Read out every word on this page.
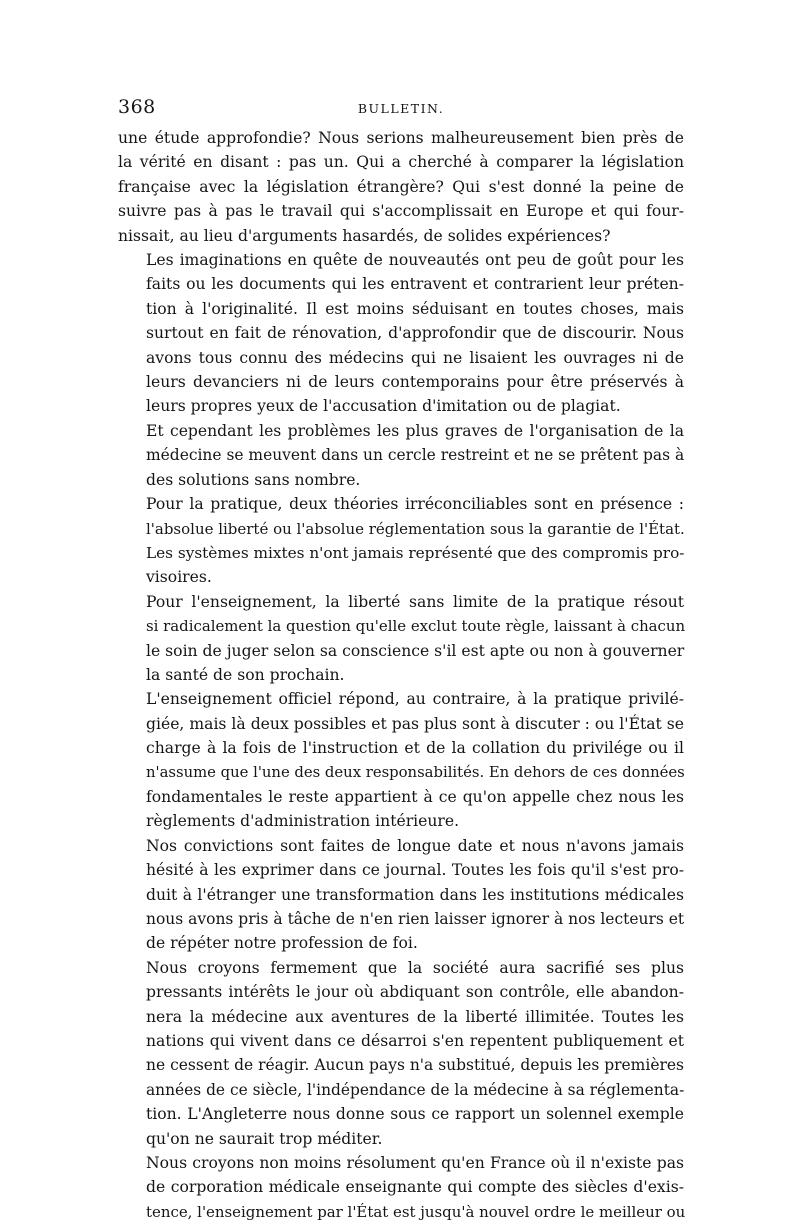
368	BULLETIN.

une étude approfondie? Nous serions malheureusement bien près de
la vérité en disant : pas un. Qui a cherché à comparer la législation
française avec la législation étrangère? Qui s'est donné la peine de
suivre pas à pas le travail qui s'accomplissait en Europe et qui four-
nissait, au lieu d'arguments hasardés, de solides expériences?

Les imaginations en quête de nouveautés ont peu de goût pour les
faits ou les documents qui les entravent et contrarient leur préten-
tion à l'originalité. Il est moins séduisant en toutes choses, mais
surtout en fait de rénovation, d'approfondir que de discourir. Nous
avons tous connu des médecins qui ne lisaient les ouvrages ni de
leurs devanciers ni de leurs contemporains pour être préservés à
leurs propres yeux de l'accusation d'imitation ou de plagiat.

Et cependant les problèmes les plus graves de l'organisation de la
médecine se meuvent dans un cercle restreint et ne se prêtent pas à
des solutions sans nombre.

Pour la pratique, deux théories irréconciliables sont en présence :
l'absolue liberté ou l'absolue réglementation sous la garantie de l'État.
Les systèmes mixtes n'ont jamais représenté que des compromis pro-
visoires.

Pour l'enseignement, la liberté sans limite de la pratique résout
si radicalement la question qu'elle exclut toute règle, laissant à chacun
le soin de juger selon sa conscience s'il est apte ou non à gouverner
la santé de son prochain.

L'enseignement officiel répond, au contraire, à la pratique privilé-
giée, mais là deux possibles et pas plus sont à discuter : ou l'État se
charge à la fois de l'instruction et de la collation du privilége ou il
n'assume que l'une des deux responsabilités. En dehors de ces données
fondamentales le reste appartient à ce qu'on appelle chez nous les
règlements d'administration intérieure.

Nos convictions sont faites de longue date et nous n'avons jamais
hésité à les exprimer dans ce journal. Toutes les fois qu'il s'est pro-
duit à l'étranger une transformation dans les institutions médicales
nous avons pris à tâche de n'en rien laisser ignorer à nos lecteurs et
de répéter notre profession de foi.

Nous croyons fermement que la société aura sacrifié ses plus
pressants intérêts le jour où abdiquant son contrôle, elle abandon-
nera la médecine aux aventures de la liberté illimitée. Toutes les
nations qui vivent dans ce désarroi s'en repentent publiquement et
ne cessent de réagir. Aucun pays n'a substitué, depuis les premières
années de ce siècle, l'indépendance de la médecine à sa réglementa-
tion. L'Angleterre nous donne sous ce rapport un solennel exemple
qu'on ne saurait trop méditer.

Nous croyons non moins résolument qu'en France où il n'existe pas
de corporation médicale enseignante qui compte des siècles d'exis-
tence, l'enseignement par l'État est jusqu'à nouvel ordre le meilleur ou
